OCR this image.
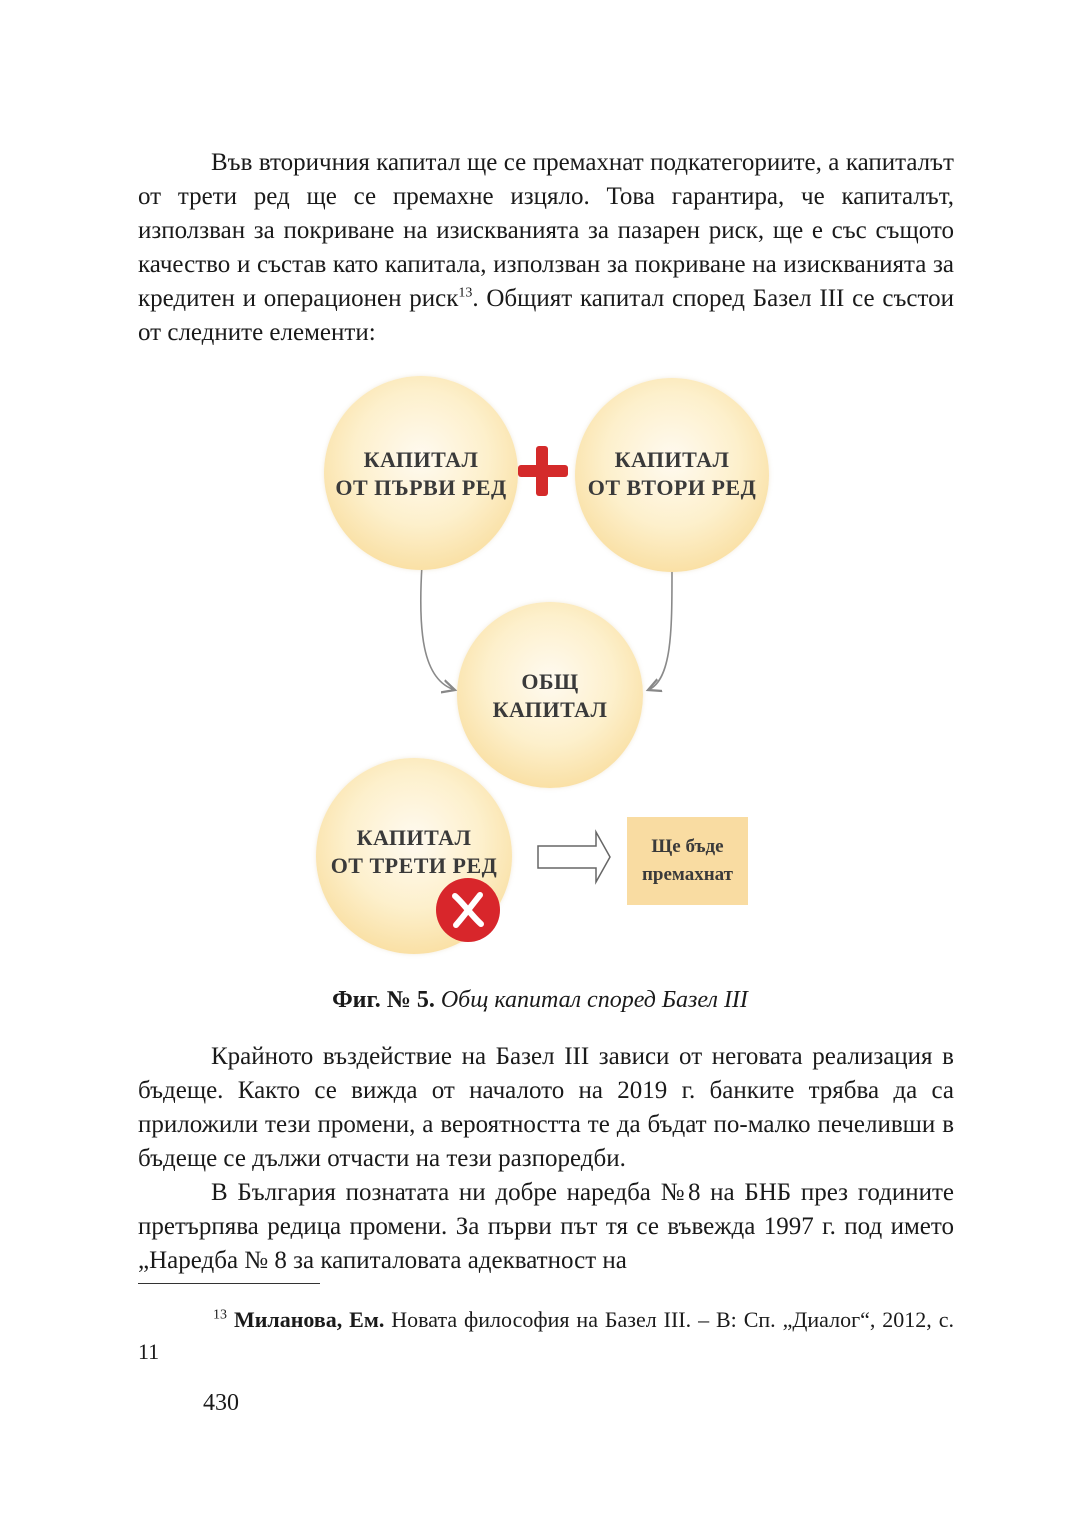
Във вторичния капитал ще се премахнат подкатегориите, а капиталът от трети ред ще се премахне изцяло. Това гарантира, че капиталът, използван за покриване на изискванията за пазарен риск, ще е със същото качество и състав като капитала, използван за покриване на изискванията за кредитен и операционен риск$^{13}$. Общият капитал според Базел III се състои от следните елементи:

КАПИТАЛ
ОТ ПЪРВИ РЕД
КАПИТАЛ
ОТ ВТОРИ РЕД
ОБЩ
КАПИТАЛ
КАПИТАЛ
ОТ ТРЕТИ РЕД
Ще бъде
премахнат
Фиг. № 5. Общ капитал според Базел III

Крайното въздействие на Базел III зависи от неговата реализация в бъдеще. Както се вижда от началото на 2019 г. банките трябва да са приложили тези промени, а вероятността те да бъдат по-малко печеливши в бъдеще се дължи отчасти на тези разпоредби.

В България познатата ни добре наредба №8 на БНБ през годините претърпява редица промени. За първи път тя се въвежда 1997 г. под името „Наредба № 8 за капиталовата адекватност на

$^{13}$ Миланова, Ем. Новата философия на Базел III. – В: Сп. „Диалог“, 2012, с. 11

430
